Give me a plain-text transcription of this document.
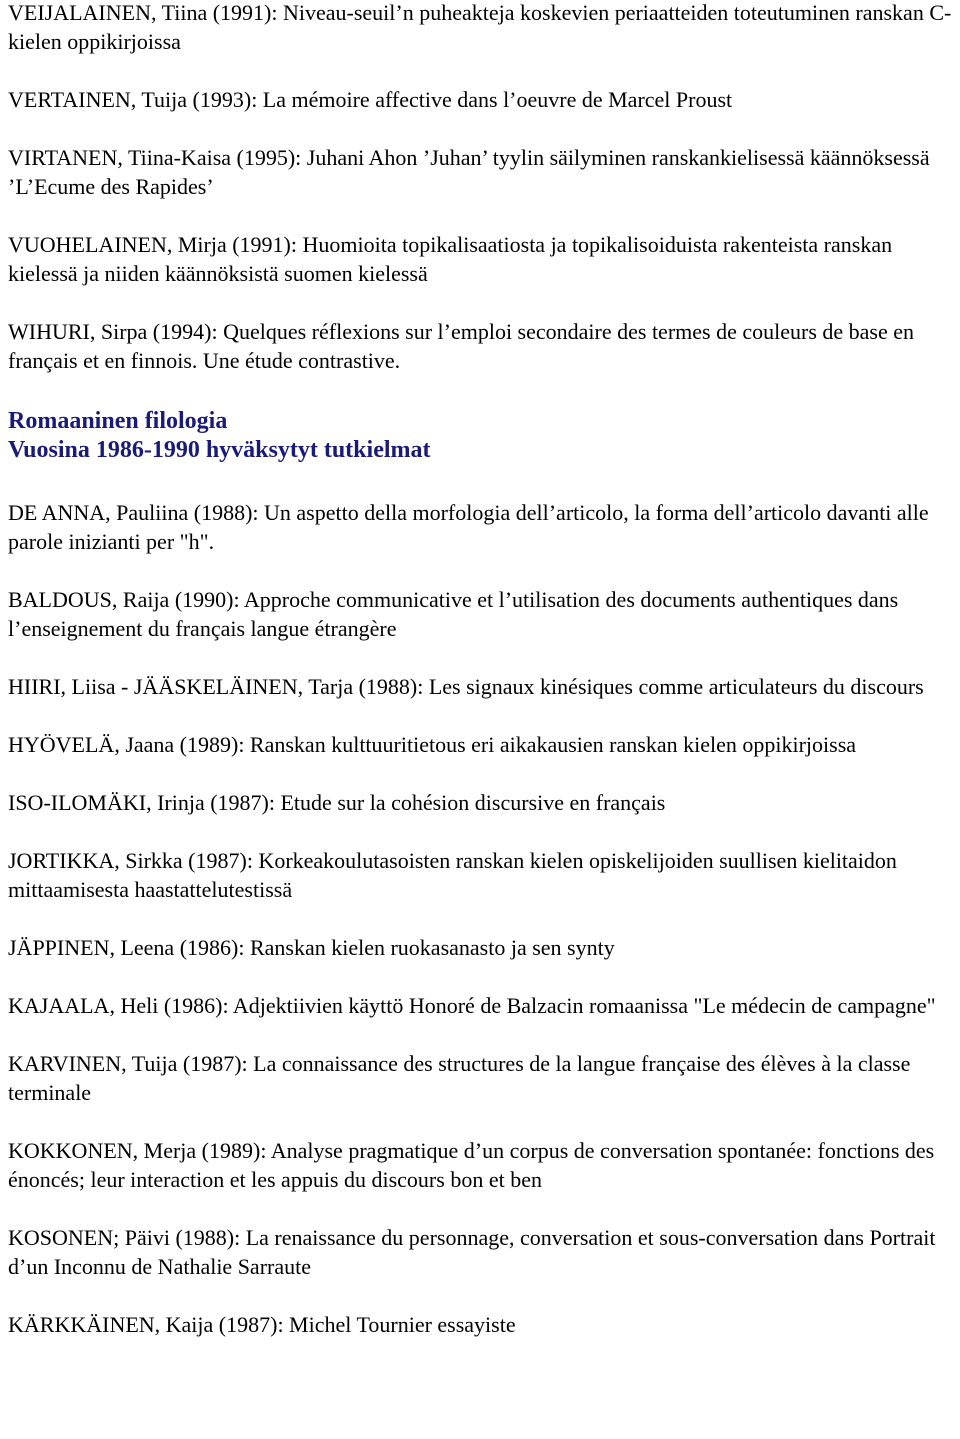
VEIJALAINEN, Tiina (1991): Niveau-seuil’n puheakteja koskevien periaatteiden toteutuminen ranskan C-kielen oppikirjoissa

VERTAINEN, Tuija (1993): La mémoire affective dans l’oeuvre de Marcel Proust

VIRTANEN, Tiina-Kaisa (1995): Juhani Ahon ’Juhan’ tyylin säilyminen ranskankielisessä käännöksessä ’L’Ecume des Rapides’

VUOHELAINEN, Mirja (1991): Huomioita topikalisaatiosta ja topikalisoiduista rakenteista ranskan kielessä ja niiden käännöksistä suomen kielessä

WIHURI, Sirpa (1994): Quelques réflexions sur l’emploi secondaire des termes de couleurs de base en français et en finnois. Une étude contrastive.

Romaaninen filologia

Vuosina 1986-1990 hyväksytyt tutkielmat

DE ANNA, Pauliina (1988): Un aspetto della morfologia dell’articolo, la forma dell’articolo davanti alle parole inizianti per "h".

BALDOUS, Raija (1990): Approche communicative et l’utilisation des documents authentiques dans l’enseignement du français langue étrangère

HIIRI, Liisa - JÄÄSKELÄINEN, Tarja (1988): Les signaux kinésiques comme articulateurs du discours

HYÖVELÄ, Jaana (1989): Ranskan kulttuuritietous eri aikakausien ranskan kielen oppikirjoissa

ISO-ILOMÄKI, Irinja (1987): Etude sur la cohésion discursive en français

JORTIKKA, Sirkka (1987): Korkeakoulutasoisten ranskan kielen opiskelijoiden suullisen kielitaidon mittaamisesta haastattelutestissä

JÄPPINEN, Leena (1986): Ranskan kielen ruokasanasto ja sen synty

KAJAALA, Heli (1986): Adjektiivien käyttö Honoré de Balzacin romaanissa "Le médecin de campagne"

KARVINEN, Tuija (1987): La connaissance des structures de la langue française des élèves à la classe terminale

KOKKONEN, Merja (1989): Analyse pragmatique d’un corpus de conversation spontanée: fonctions des énoncés; leur interaction et les appuis du discours bon et ben

KOSONEN; Päivi (1988): La renaissance du personnage, conversation et sous-conversation dans Portrait d’un Inconnu de Nathalie Sarraute

KÄRKKÄINEN, Kaija (1987): Michel Tournier essayiste
